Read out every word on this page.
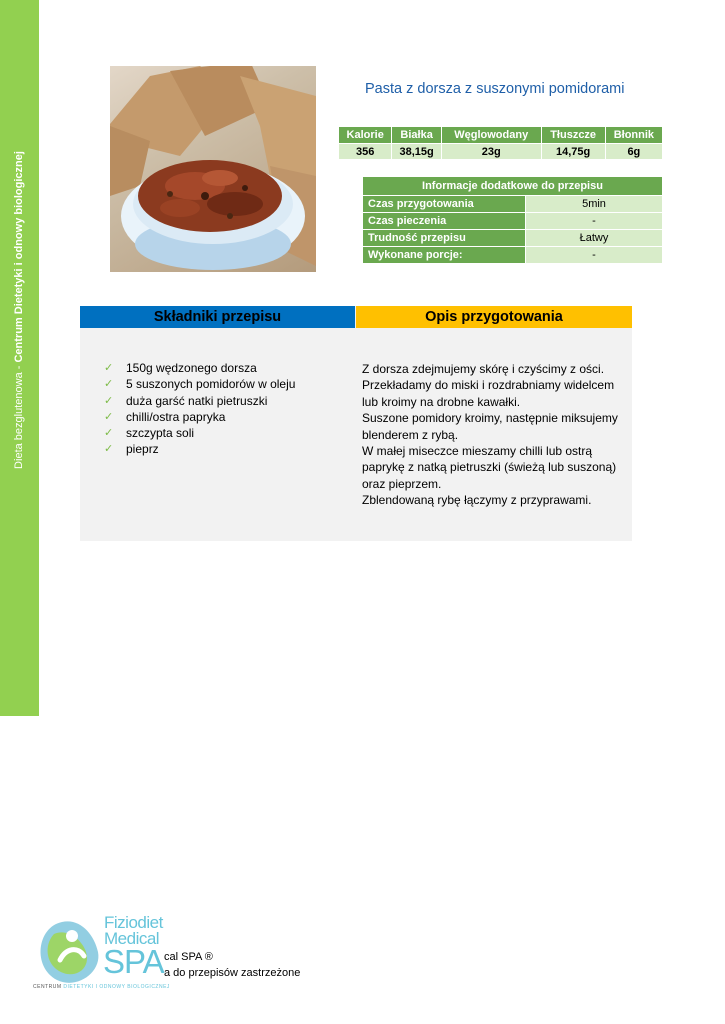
Dieta bezglutenowa - Centrum Dietetyki i odnowy biologicznej
Pasta z dorsza z suszonymi pomidorami
Kalorie	Białka	Węglowodany	Tłuszcze	Błonnik
356	38,15g	23g	14,75g	6g
Informacje dodatkowe do przepisu	
Czas przygotowania	5min
Czas pieczenia	-
Trudność przepisu	Łatwy
Wykonane porcje:	-
Składniki przepisu	Opis przygotowania
✓ 150g wędzonego dorsza
✓ 5 suszonych pomidorów w oleju
✓ duża garść natki pietruszki
✓ chilli/ostra papryka
✓ szczypta soli
✓ pieprz

Z dorsza zdejmujemy skórę i czyścimy z ości.

Przekładamy do miski i rozdrabniamy widelcem lub kroimy na drobne kawałki.

Suszone pomidory kroimy, następnie miksujemy blenderem z rybą.

W małej miseczce mieszamy chilli lub ostrą paprykę z natką pietruszki (świeżą lub suszoną) oraz pieprzem.

Zblendowaną rybę łączymy z przyprawami.

Fiziodiet
Medical
SPA
CENTRUM DIETETYKI I ODNOWY BIOLOGICZNEJ
cal SPA ®
a do przepisów zastrzeżone
